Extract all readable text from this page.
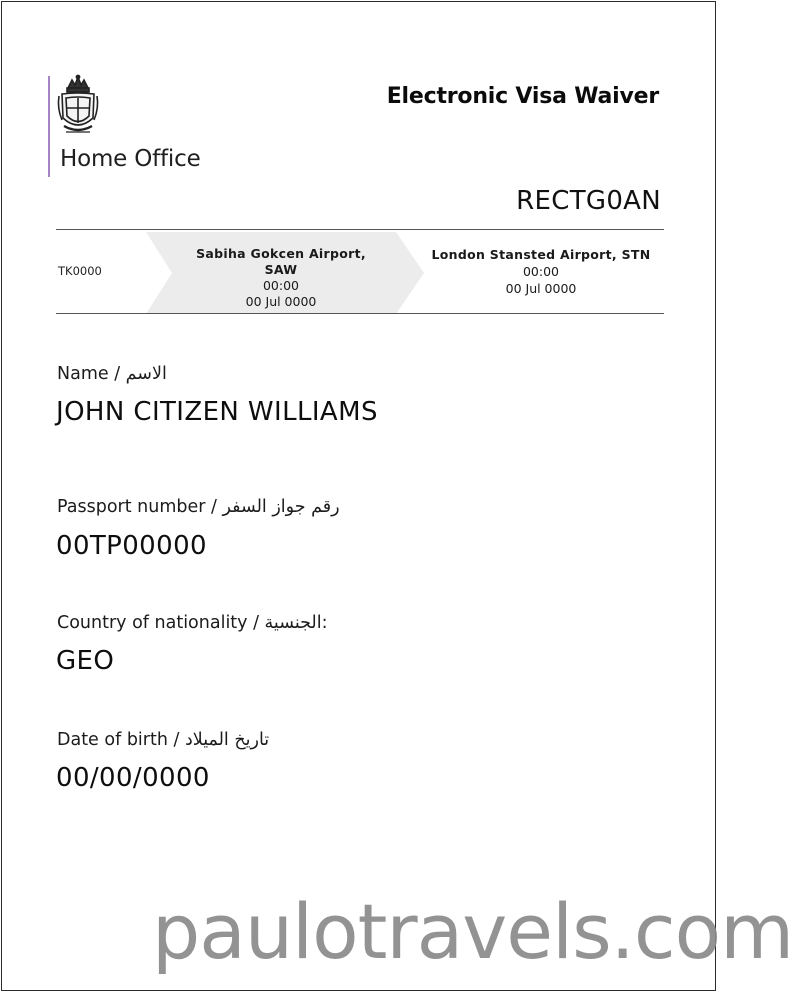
Home Office
Electronic Visa Waiver
RECTG0AN
TK0000
Sabiha Gokcen Airport,
SAW
00:00
00 Jul 0000
London Stansted Airport, STN
00:00
00 Jul 0000
Name / الاسم
JOHN CITIZEN WILLIAMS
Passport number / رقم جواز السفر
00TP00000
Country of nationality / الجنسية:
GEO
Date of birth / تاريخ الميلاد
00/00/0000
paulotravels.com
